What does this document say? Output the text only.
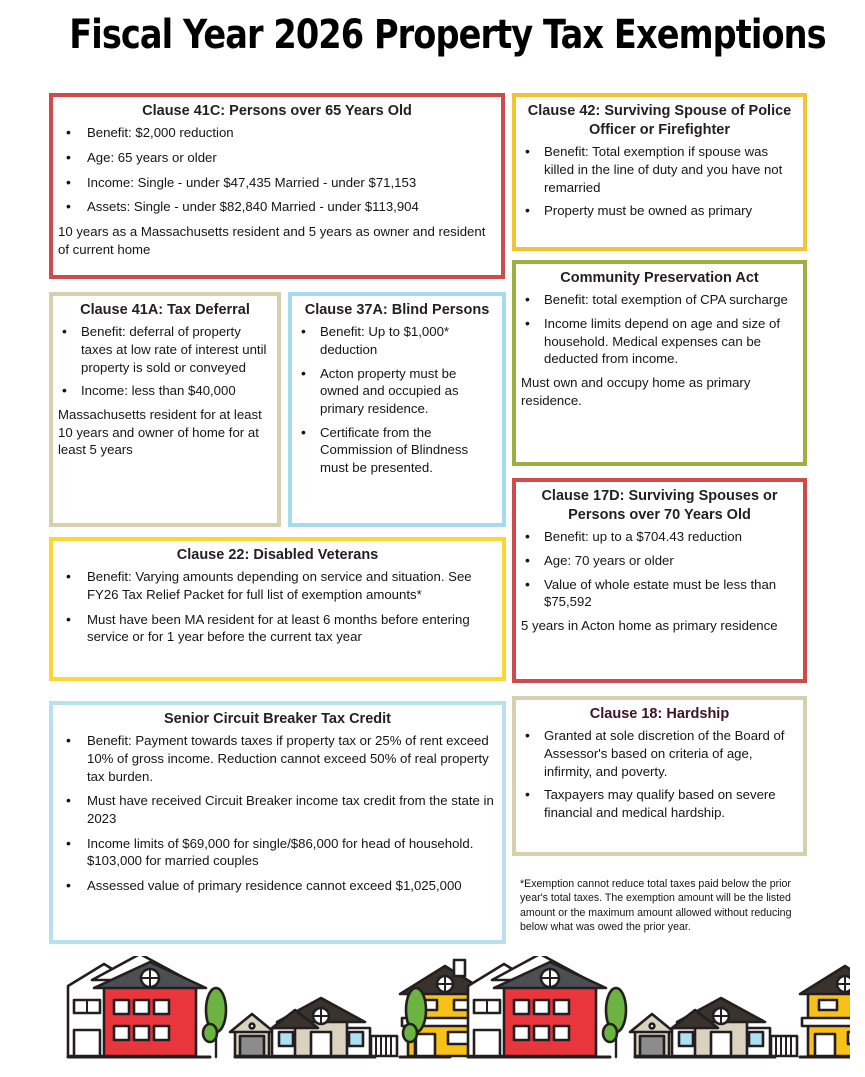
Fiscal Year 2026 Property Tax Exemptions

Clause 41C: Persons over 65 Years Old

• Benefit: $2,000 reduction
• Age: 65 years or older
• Income: Single - under $47,435 Married - under $71,153
• Assets: Single - under $82,840 Married - under $113,904

10 years as a Massachusetts resident and 5 years as owner and resident of current home

Clause 42: Surviving Spouse of Police Officer or Firefighter

• Benefit: Total exemption if spouse was killed in the line of duty and you have not remarried
• Property must be owned as primary

Clause 41A: Tax Deferral

• Benefit: deferral of property taxes at low rate of interest until property is sold or conveyed
• Income: less than $40,000

Massachusetts resident for at least 10 years and owner of home for at least 5 years

Clause 37A: Blind Persons

• Benefit: Up to $1,000* deduction
• Acton property must be owned and occupied as primary residence.
• Certificate from the Commission of Blindness must be presented.

Community Preservation Act

• Benefit: total exemption of CPA surcharge
• Income limits depend on age and size of household. Medical expenses can be deducted from income.

Must own and occupy home as primary residence.

Clause 22: Disabled Veterans

• Benefit: Varying amounts depending on service and situation. See FY26 Tax Relief Packet for full list of exemption amounts*
• Must have been MA resident for at least 6 months before entering service or for 1 year before the current tax year

Clause 17D: Surviving Spouses or Persons over 70 Years Old

• Benefit: up to a $704.43 reduction
• Age: 70 years or older
• Value of whole estate must be less than $75,592

5 years in Acton home as primary residence

Senior Circuit Breaker Tax Credit

• Benefit: Payment towards taxes if property tax or 25% of rent exceed 10% of gross income. Reduction cannot exceed 50% of real property tax burden.
• Must have received Circuit Breaker income tax credit from the state in 2023
• Income limits of $69,000 for single/$86,000 for head of household. $103,000 for married couples
• Assessed value of primary residence cannot exceed $1,025,000

Clause 18: Hardship

• Granted at sole discretion of the Board of Assessor's based on criteria of age, infirmity, and poverty.
• Taxpayers may qualify based on severe financial and medical hardship.
*Exemption cannot reduce total taxes paid below the prior year's total taxes. The exemption amount will be the listed amount or the maximum amount allowed without reducing below what was owed the prior year.
